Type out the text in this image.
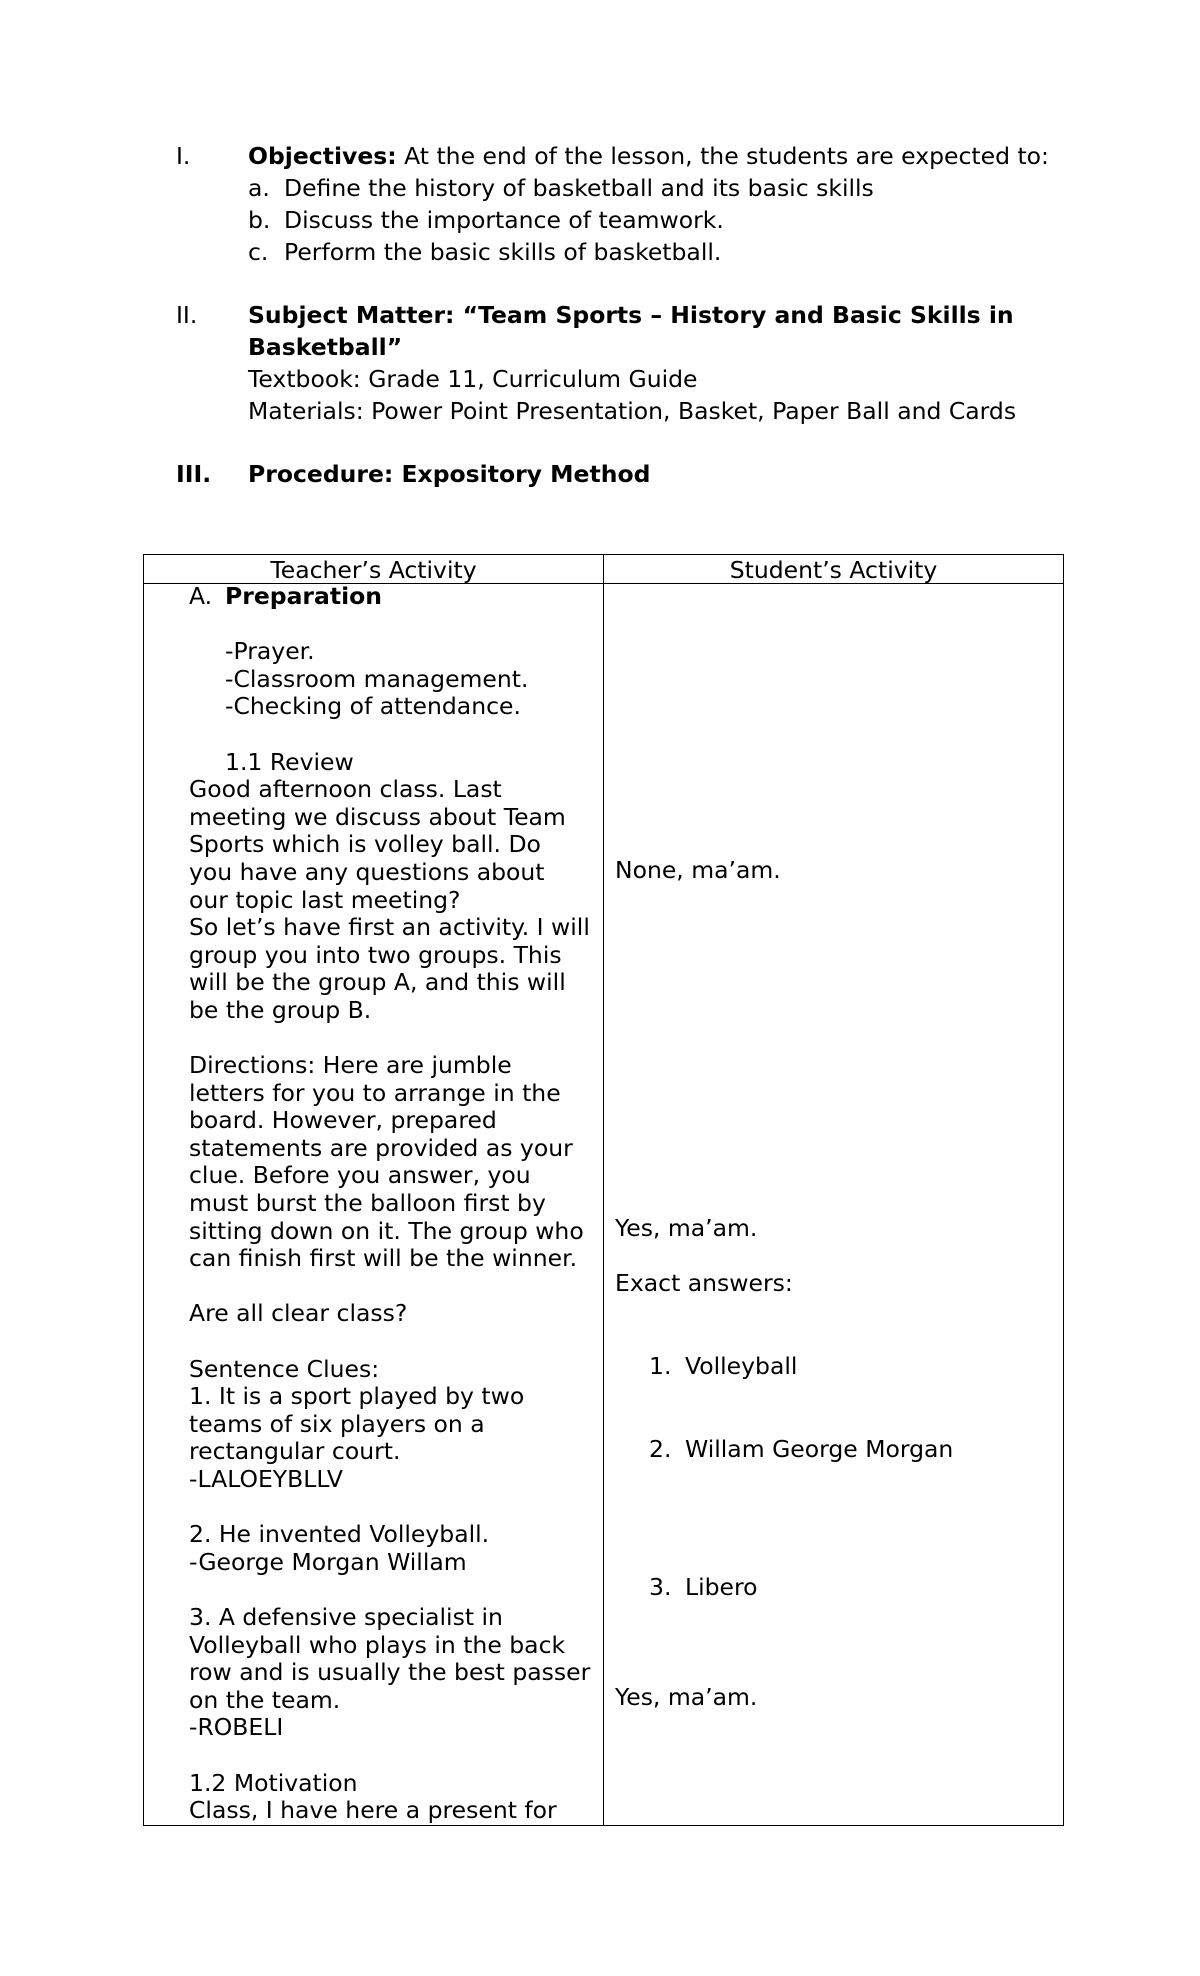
I. Objectives: At the end of the lesson, the students are expected to:
a. Define the history of basketball and its basic skills
b. Discuss the importance of teamwork.
c. Perform the basic skills of basketball.
II. Subject Matter: “Team Sports – History and Basic Skills in
Basketball”
Textbook: Grade 11, Curriculum Guide
Materials: Power Point Presentation, Basket, Paper Ball and Cards
III. Procedure: Expository Method
Teacher’s Activity	Student’s Activity
A. Preparation
-Prayer.
-Classroom management.
-Checking of attendance.
1.1 Review
Good afternoon class. Last
meeting we discuss about Team
Sports which is volley ball. Do
you have any questions about
our topic last meeting?
So let’s have first an activity. I will
group you into two groups. This
will be the group A, and this will
be the group B.
Directions: Here are jumble
letters for you to arrange in the
board. However, prepared
statements are provided as your
clue. Before you answer, you
must burst the balloon first by
sitting down on it. The group who
can finish first will be the winner.
Are all clear class?
Sentence Clues:
1. It is a sport played by two
teams of six players on a
rectangular court.
-LALOEYBLLV
2. He invented Volleyball.
-George Morgan Willam
3. A defensive specialist in
Volleyball who plays in the back
row and is usually the best passer
on the team.
-ROBELI
1.2 Motivation
Class, I have here a present for
None, ma’am.
Yes, ma’am.
Exact answers:
1. Volleyball
2. Willam George Morgan
3. Libero
Yes, ma’am.
